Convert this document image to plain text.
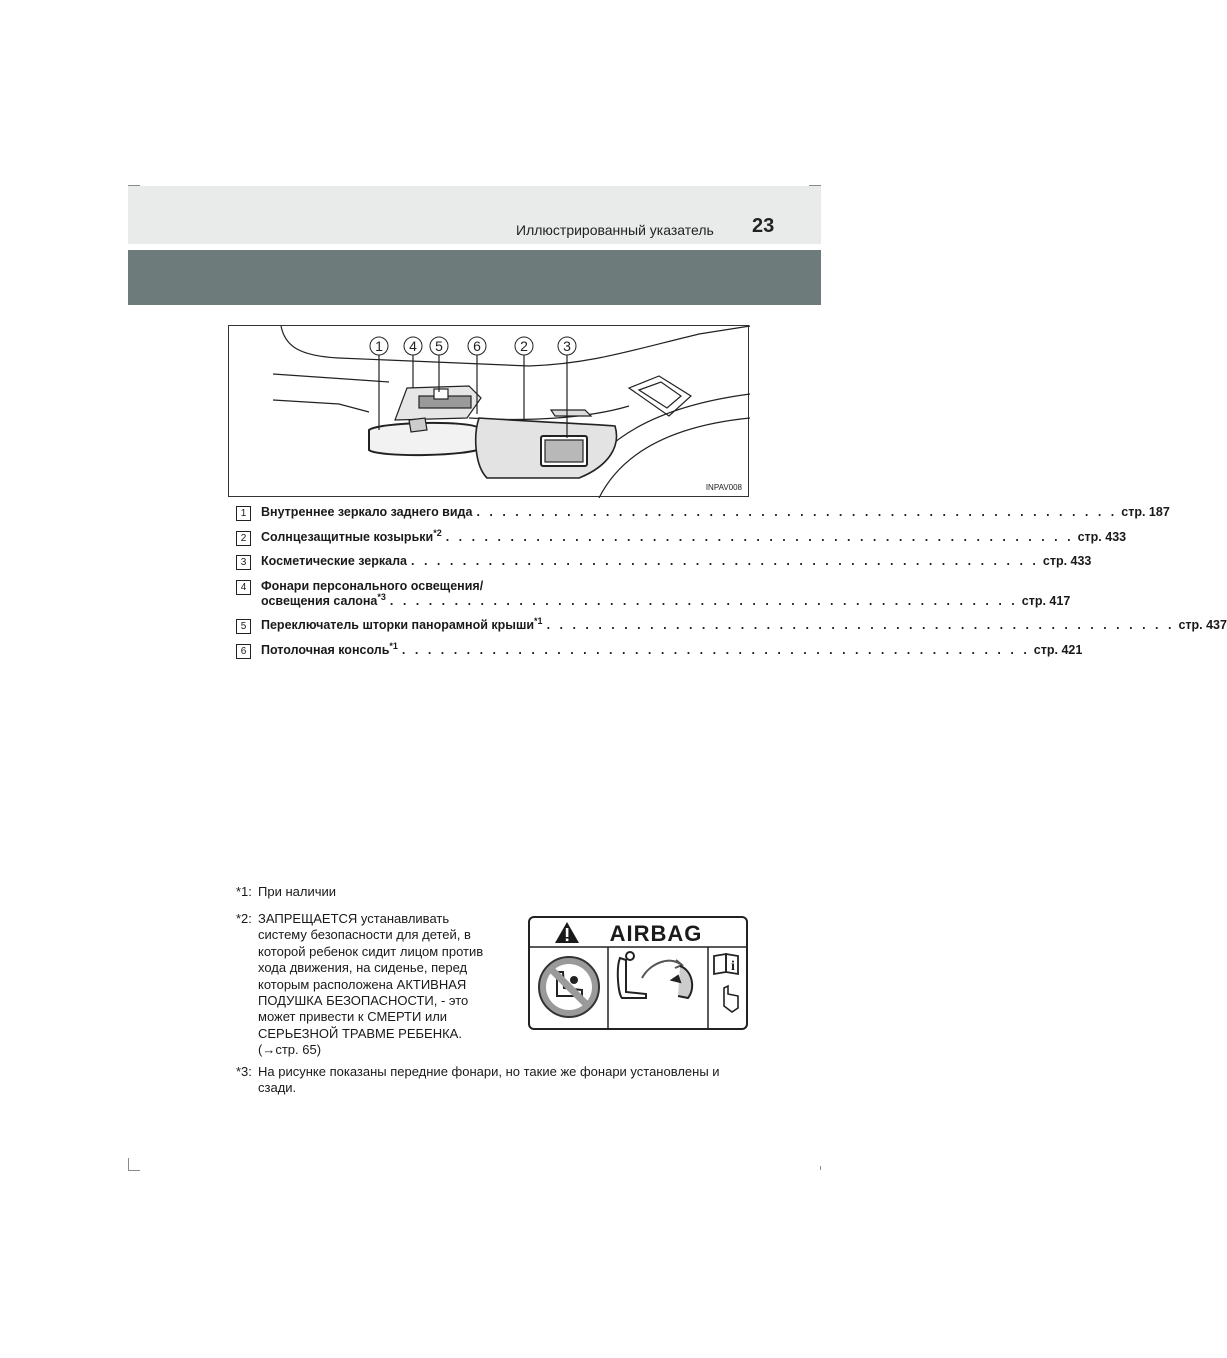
Иллюстрированный указатель 23
1 4 5 6	2	3
INPAV008
1	Внутреннее зеркало заднего вида . . . . . . . . . . . . . . . . . . . . . . . . . . . . . . . . . . . . . . . . . . . . . . . . . . стр. 187
2	Солнцезащитные козырьки$^{*2}$ . . . . . . . . . . . . . . . . . . . . . . . . . . . . . . . . . . . . . . . . . . . . . . . . . стр. 433
3	Косметические зеркала . . . . . . . . . . . . . . . . . . . . . . . . . . . . . . . . . . . . . . . . . . . . . . . . . стр. 433
4	Фонари персонального освещения/
освещения салона$^{*3}$ . . . . . . . . . . . . . . . . . . . . . . . . . . . . . . . . . . . . . . . . . . . . . . . . . стр. 417
5	Переключатель шторки панорамной крыши$^{*1}$ . . . . . . . . . . . . . . . . . . . . . . . . . . . . . . . . . . . . . . . . . . . . . . . . . стр. 437
6	Потолочная консоль$^{*1}$ . . . . . . . . . . . . . . . . . . . . . . . . . . . . . . . . . . . . . . . . . . . . . . . . . стр. 421
*1: При наличии
*2: ЗАПРЕЩАЕТСЯ устанавливать
систему безопасности для детей, в
которой ребенок сидит лицом против
хода движения, на сиденье, перед
которым расположена АКТИВНАЯ
ПОДУШКА БЕЗОПАСНОСТИ, - это
может привести к СМЕРТИ или
СЕРЬЕЗНОЙ ТРАВМЕ РЕБЕНКА.
(→стр. 65)
AIRBAG
i
*3: На рисунке показаны передние фонари, но такие же фонари установлены и
сзади.
